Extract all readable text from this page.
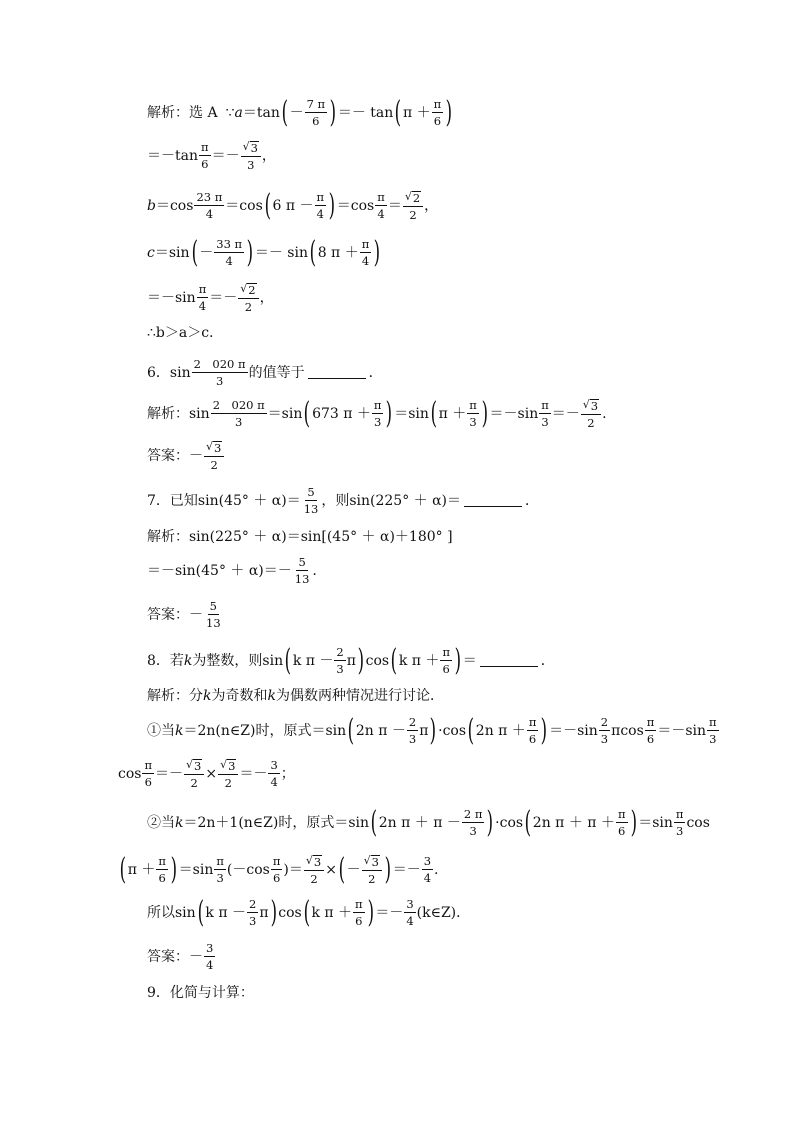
解析：选 A ∵ a ＝ tan ( － $\frac{7 \pi}{6}$ ) ＝ － tan ( $\pi + \frac{\pi}{6}$ )
＝ － $\tan \frac{\pi}{6}$ ＝ － $\frac{√ 3}{3}$ ，
$b = \cos \frac{23 \pi}{4} = \cos$ ( 6 $\pi - \frac{\pi}{4}$ ) ＝ $\cos \frac{\pi}{4} = \frac{√ 2}{2}$ ，
c ＝ sin ( － $\frac{33 \pi}{4}$ ) ＝ － sin ( 8 $\pi + \frac{\pi}{4}$ )
＝ － $\sin \frac{\pi}{4}$ ＝ － $\frac{√ 2}{2}$ ，
∴b＞a＞c.
6． $\sin \frac{2 020 \pi}{3}$ 的值等于	．
解析： $\sin \frac{2 020 \pi}{3} = \sin$ ( 673 $\pi + \frac{\pi}{3}$ ) ＝ sin ( $\pi + \frac{\pi}{3}$ ) ＝ － $\sin \frac{\pi}{3}$ ＝ － $\frac{√ 3}{2}$ .
答案： － $\frac{√ 3}{2}$
7．已知 $\sin(45^\circ + \alpha) = \frac{5}{13}$ ，则 sin(225° ＋ α) ＝	．
解析： sin(225° ＋ α) ＝ sin[(45° ＋ α)＋180° ]
$=-\sin(45^\circ + \alpha)=- \frac{5}{13}$ .
答案： － $\frac{5}{13}$
8．若 k 为整数，则 sin ( k $\pi - \frac{2}{3}$ π ) cos ( k $\pi + \frac{\pi}{6}$ ) ＝	．
解析：分 k 为奇数和 k 为偶数两种情况进行讨论．
①当 k ＝2n(n∈Z)时，原式＝ sin ( 2n $\pi - \frac{2}{3}$ π ) · cos ( 2n $\pi + \frac{\pi}{6}$ ) ＝ － $\sin \frac{2}{3}$ π $\cos \frac{\pi}{6}$ ＝ － $\sin \frac{\pi}{3}$
$\cos \frac{\pi}{6}$ ＝ － $\frac{√ 3}{2} \times \frac{√ 3}{2}$ ＝ － $\frac{3}{4}$ ；
②当 k ＝2n＋1(n∈Z)时，原式＝ sin ( 2n $\pi + \pi - \frac{2 \pi}{3}$ ) · cos ( 2n $\pi + \pi + \frac{\pi}{6}$ ) ＝ $\sin \frac{\pi}{3}$ cos
( $\pi + \frac{\pi}{6}$ ) ＝ $\sin \frac{\pi}{3} (-\cos \frac{\pi}{6}$ ) ＝ $\frac{√ 3}{2}$ × ( － $\frac{√ 3}{2}$ ) ＝ － $\frac{3}{4}$ .
所以 sin ( k $\pi - \frac{2}{3}$ π ) cos ( k $\pi + \frac{\pi}{6}$ ) ＝ － $\frac{3}{4}$ (k∈Z)．
答案： － $\frac{3}{4}$
9．化简与计算：
